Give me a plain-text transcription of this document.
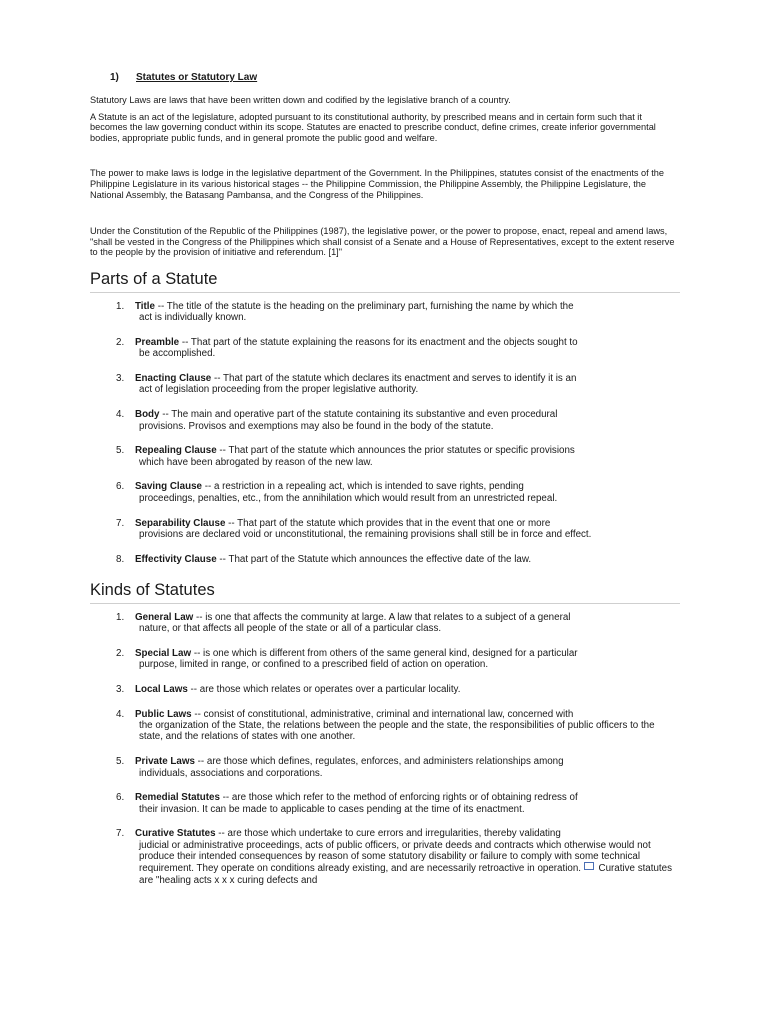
1) Statutes or Statutory Law

Statutory Laws are laws that have been written down and codified by the legislative branch of a country.

A Statute is an act of the legislature, adopted pursuant to its constitutional authority, by prescribed means and in certain form such that it becomes the law governing conduct within its scope. Statutes are enacted to prescribe conduct, define crimes, create inferior governmental bodies, appropriate public funds, and in general promote the public good and welfare.

The power to make laws is lodge in the legislative department of the Government. In the Philippines, statutes consist of the enactments of the Philippine Legislature in its various historical stages -- the Philippine Commission, the Philippine Assembly, the Philippine Legislature, the National Assembly, the Batasang Pambansa, and the Congress of the Philippines.

Under the Constitution of the Republic of the Philippines (1987), the legislative power, or the power to propose, enact, repeal and amend laws, "shall be vested in the Congress of the Philippines which shall consist of a Senate and a House of Representatives, except to the extent reserve to the people by the provision of initiative and referendum. [1]"

Parts of a Statute
1. Title -- The title of the statute is the heading on the preliminary part, furnishing the name by which the
act is individually known.
2. Preamble -- That part of the statute explaining the reasons for its enactment and the objects sought to
be accomplished.
3. Enacting Clause -- That part of the statute which declares its enactment and serves to identify it is an
act of legislation proceeding from the proper legislative authority.
4. Body -- The main and operative part of the statute containing its substantive and even procedural
provisions. Provisos and exemptions may also be found in the body of the statute.
5. Repealing Clause -- That part of the statute which announces the prior statutes or specific provisions
which have been abrogated by reason of the new law.
6. Saving Clause -- a restriction in a repealing act, which is intended to save rights, pending
proceedings, penalties, etc., from the annihilation which would result from an unrestricted repeal.
7. Separability Clause -- That part of the statute which provides that in the event that one or more
provisions are declared void or unconstitutional, the remaining provisions shall still be in force and effect.
8. Effectivity Clause -- That part of the Statute which announces the effective date of the law.
Kinds of Statutes
1. General Law -- is one that affects the community at large. A law that relates to a subject of a general
nature, or that affects all people of the state or all of a particular class.
2. Special Law -- is one which is different from others of the same general kind, designed for a particular
purpose, limited in range, or confined to a prescribed field of action on operation.
3. Local Laws -- are those which relates or operates over a particular locality.
4. Public Laws -- consist of constitutional, administrative, criminal and international law, concerned with
the organization of the State, the relations between the people and the state, the responsibilities of public officers to the state, and the relations of states with one another.
5. Private Laws -- are those which defines, regulates, enforces, and administers relationships among
individuals, associations and corporations.
6. Remedial Statutes -- are those which refer to the method of enforcing rights or of obtaining redress of
their invasion. It can be made to applicable to cases pending at the time of its enactment.
7. Curative Statutes -- are those which undertake to cure errors and irregularities, thereby validating
judicial or administrative proceedings, acts of public officers, or private deeds and contracts which otherwise would not produce their intended consequences by reason of some statutory disability or failure to comply with some technical requirement. They operate on conditions already existing, and are necessarily retroactive in operation.  Curative statutes are "healing acts x x x curing defects and
